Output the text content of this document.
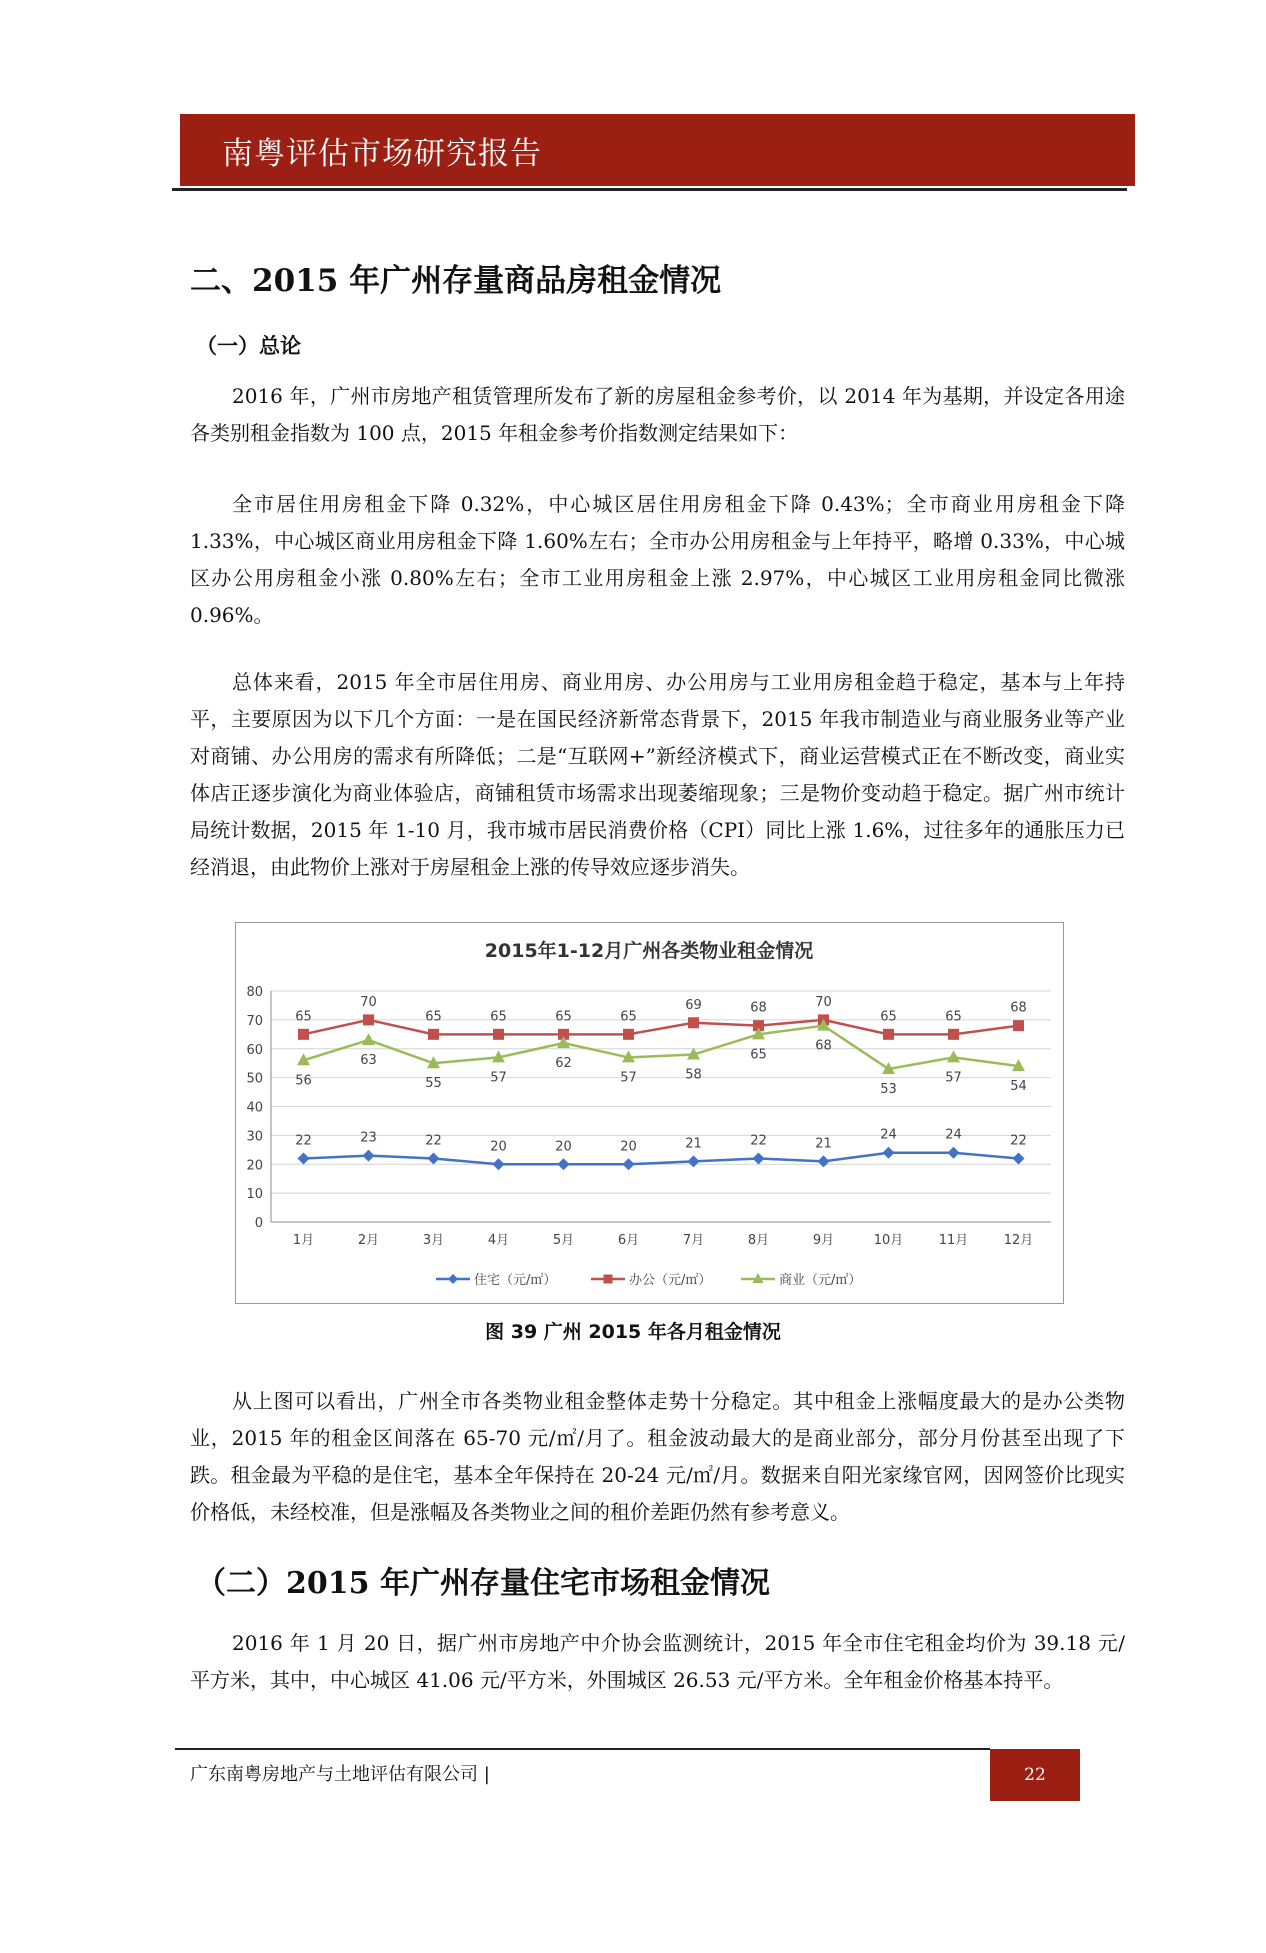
南粤评估市场研究报告
二、2015 年广州存量商品房租金情况
（一）总论

2016 年，广州市房地产租赁管理所发布了新的房屋租金参考价，以 2014 年为基期，并设定各用途各类别租金指数为 100 点，2015 年租金参考价指数测定结果如下：

全市居住用房租金下降 0.32%，中心城区居住用房租金下降 0.43%；全市商业用房租金下降 1.33%，中心城区商业用房租金下降 1.60%左右；全市办公用房租金与上年持平，略增 0.33%，中心城区办公用房租金小涨 0.80%左右；全市工业用房租金上涨 2.97%，中心城区工业用房租金同比微涨 0.96%。

总体来看，2015 年全市居住用房、商业用房、办公用房与工业用房租金趋于稳定，基本与上年持平，主要原因为以下几个方面：一是在国民经济新常态背景下，2015 年我市制造业与商业服务业等产业对商铺、办公用房的需求有所降低；二是“互联网+”新经济模式下，商业运营模式正在不断改变，商业实体店正逐步演化为商业体验店，商铺租赁市场需求出现萎缩现象；三是物价变动趋于稳定。据广州市统计局统计数据，2015 年 1-10 月，我市城市居民消费价格（CPI）同比上涨 1.6%，过往多年的通胀压力已经消退，由此物价上涨对于房屋租金上涨的传导效应逐步消失。

2015年1-12月广州各类物业租金情况
0
10
20
30
40
50
60
70
80
1月	2月	3月	4月	5月	6月	7月	8月	9月	10月	11月	12月
22	23	22	20	20	20	21	22	21
24	24	22
65
70
65	65	65	65
69	68	70
65	65
68
56
63
55	57
62
57	58
65
68
53
57
54
住宅（元/㎡）	办公（元/㎡）	商业（元/㎡）
图 39 广州 2015 年各月租金情况

从上图可以看出，广州全市各类物业租金整体走势十分稳定。其中租金上涨幅度最大的是办公类物业，2015 年的租金区间落在 65-70 元/㎡/月了。租金波动最大的是商业部分，部分月份甚至出现了下跌。租金最为平稳的是住宅，基本全年保持在 20-24 元/㎡/月。数据来自阳光家缘官网，因网签价比现实价格低，未经校准，但是涨幅及各类物业之间的租价差距仍然有参考意义。

（二）2015 年广州存量住宅市场租金情况

2016 年 1 月 20 日，据广州市房地产中介协会监测统计，2015 年全市住宅租金均价为 39.18 元/平方米，其中，中心城区 41.06 元/平方米，外围城区 26.53 元/平方米。全年租金价格基本持平。

广东南粤房地产与土地评估有限公司 |	22
